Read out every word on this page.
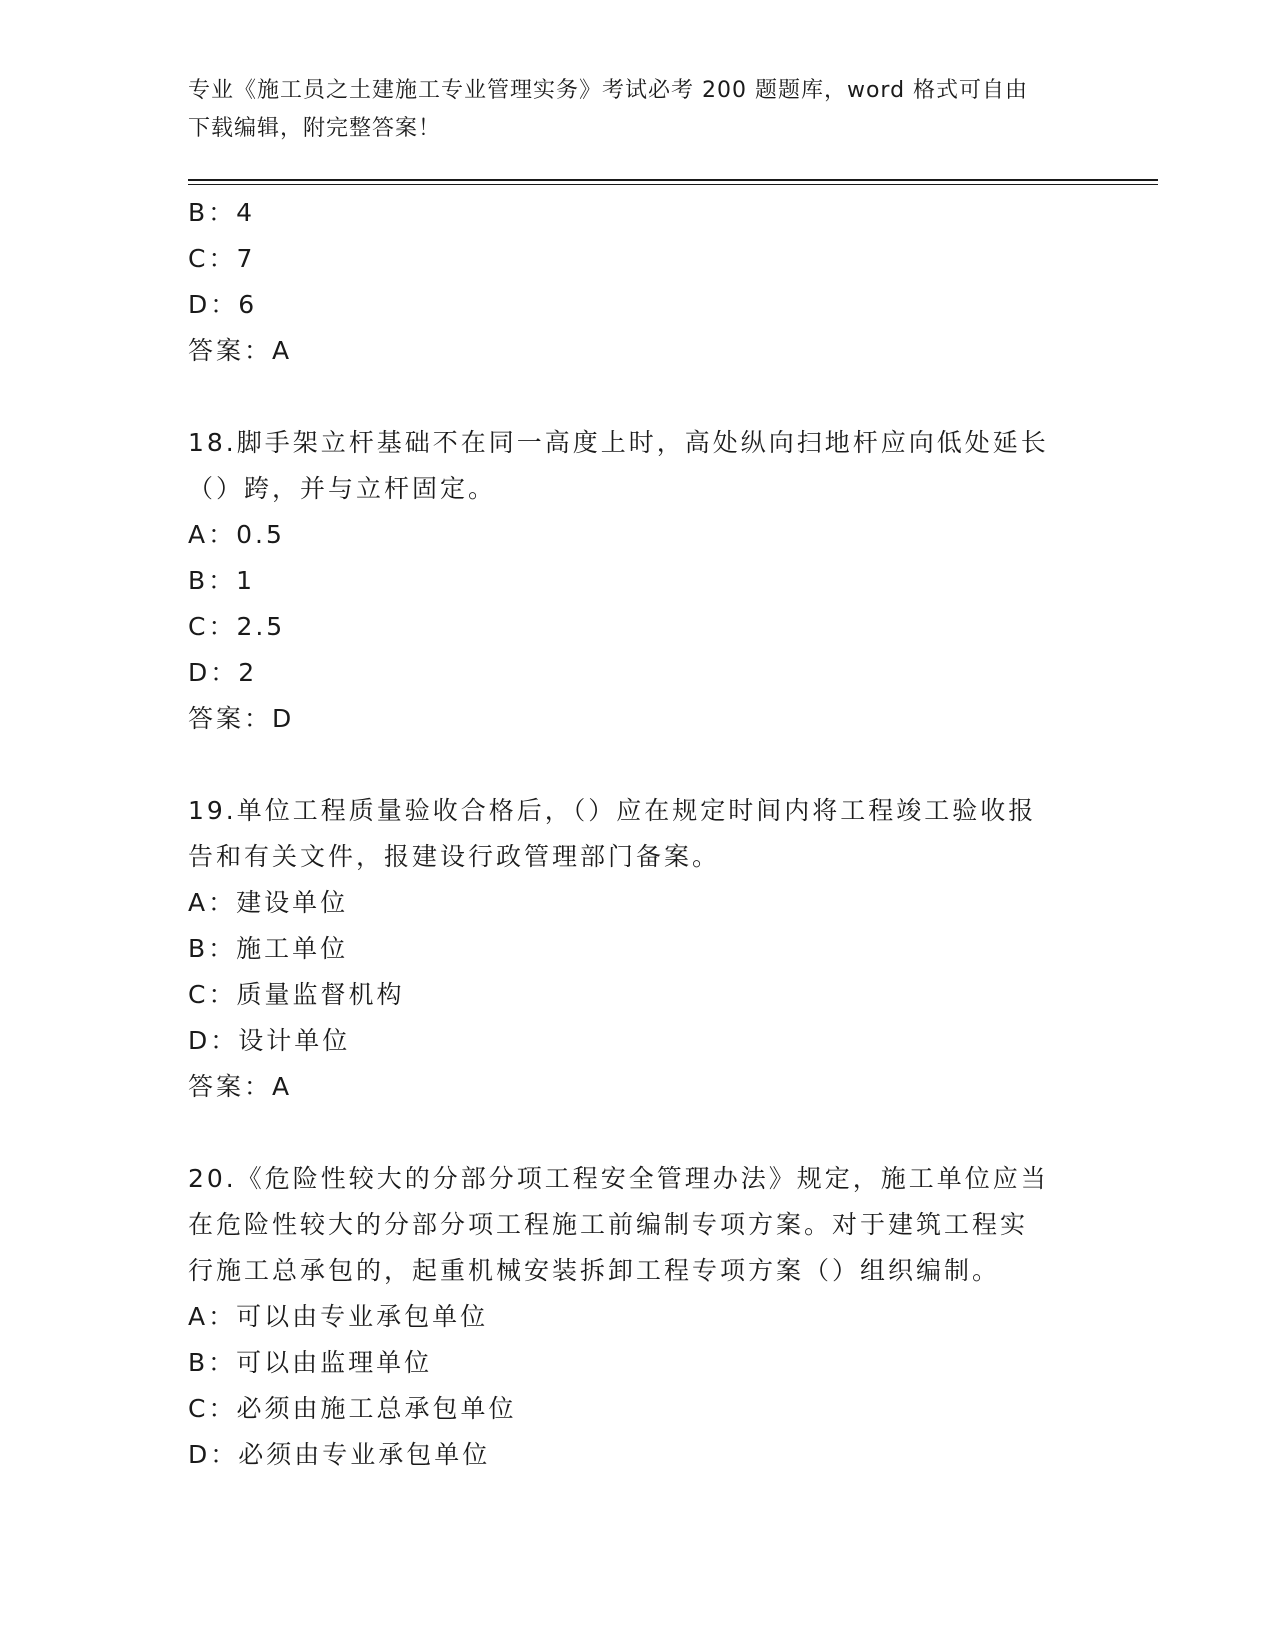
专业《施工员之土建施工专业管理实务》考试必考 200 题题库，word 格式可自由
下载编辑，附完整答案！
B：4
C：7
D：6
答案：A
18.脚手架立杆基础不在同一高度上时，高处纵向扫地杆应向低处延长
（）跨，并与立杆固定。
A：0.5
B：1
C：2.5
D：2
答案：D
19.单位工程质量验收合格后，（）应在规定时间内将工程竣工验收报
告和有关文件，报建设行政管理部门备案。
A：建设单位
B：施工单位
C：质量监督机构
D：设计单位
答案：A
20.《危险性较大的分部分项工程安全管理办法》规定，施工单位应当
在危险性较大的分部分项工程施工前编制专项方案。对于建筑工程实
行施工总承包的，起重机械安装拆卸工程专项方案（）组织编制。
A：可以由专业承包单位
B：可以由监理单位
C：必须由施工总承包单位
D：必须由专业承包单位
